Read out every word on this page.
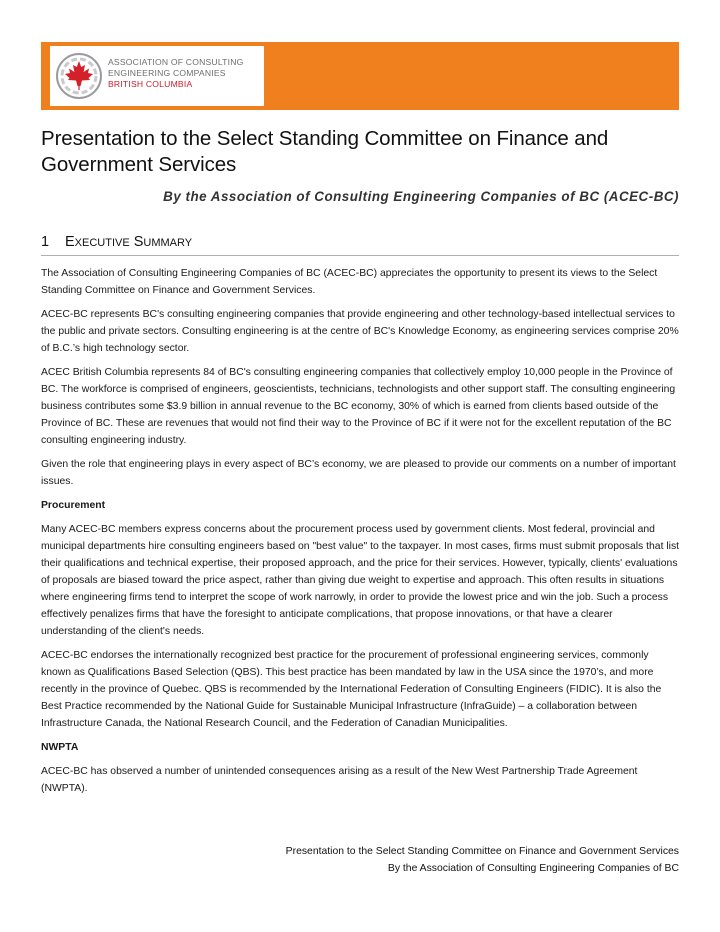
ASSOCIATION OF CONSULTING
ENGINEERING COMPANIES
BRITISH COLUMBIA
Presentation to the Select Standing Committee on Finance and
Government Services
By the Association of Consulting Engineering Companies of BC (ACEC-BC)
1 EXECUTIVE SUMMARY

The Association of Consulting Engineering Companies of BC (ACEC-BC) appreciates the opportunity to present its views to the Select Standing Committee on Finance and Government Services.

ACEC-BC represents BC's consulting engineering companies that provide engineering and other technology-based intellectual services to the public and private sectors. Consulting engineering is at the centre of BC's Knowledge Economy, as engineering services comprise 20% of B.C.’s high technology sector.

ACEC British Columbia represents 84 of BC's consulting engineering companies that collectively employ 10,000 people in the Province of BC. The workforce is comprised of engineers, geoscientists, technicians, technologists and other support staff. The consulting engineering business contributes some $3.9 billion in annual revenue to the BC economy, 30% of which is earned from clients based outside of the Province of BC. These are revenues that would not find their way to the Province of BC if it were not for the excellent reputation of the BC consulting engineering industry.

Given the role that engineering plays in every aspect of BC’s economy, we are pleased to provide our comments on a number of important issues.

Procurement

Many ACEC-BC members express concerns about the procurement process used by government clients. Most federal, provincial and municipal departments hire consulting engineers based on "best value" to the taxpayer. In most cases, firms must submit proposals that list their qualifications and technical expertise, their proposed approach, and the price for their services. However, typically, clients' evaluations of proposals are biased toward the price aspect, rather than giving due weight to expertise and approach. This often results in situations where engineering firms tend to interpret the scope of work narrowly, in order to provide the lowest price and win the job. Such a process effectively penalizes firms that have the foresight to anticipate complications, that propose innovations, or that have a clearer understanding of the client's needs.

ACEC-BC endorses the internationally recognized best practice for the procurement of professional engineering services, commonly known as Qualifications Based Selection (QBS). This best practice has been mandated by law in the USA since the 1970’s, and more recently in the province of Quebec. QBS is recommended by the International Federation of Consulting Engineers (FIDIC). It is also the Best Practice recommended by the National Guide for Sustainable Municipal Infrastructure (InfraGuide) – a collaboration between Infrastructure Canada, the National Research Council, and the Federation of Canadian Municipalities.

NWPTA

ACEC-BC has observed a number of unintended consequences arising as a result of the New West Partnership Trade Agreement (NWPTA).

Presentation to the Select Standing Committee on Finance and Government Services
By the Association of Consulting Engineering Companies of BC
